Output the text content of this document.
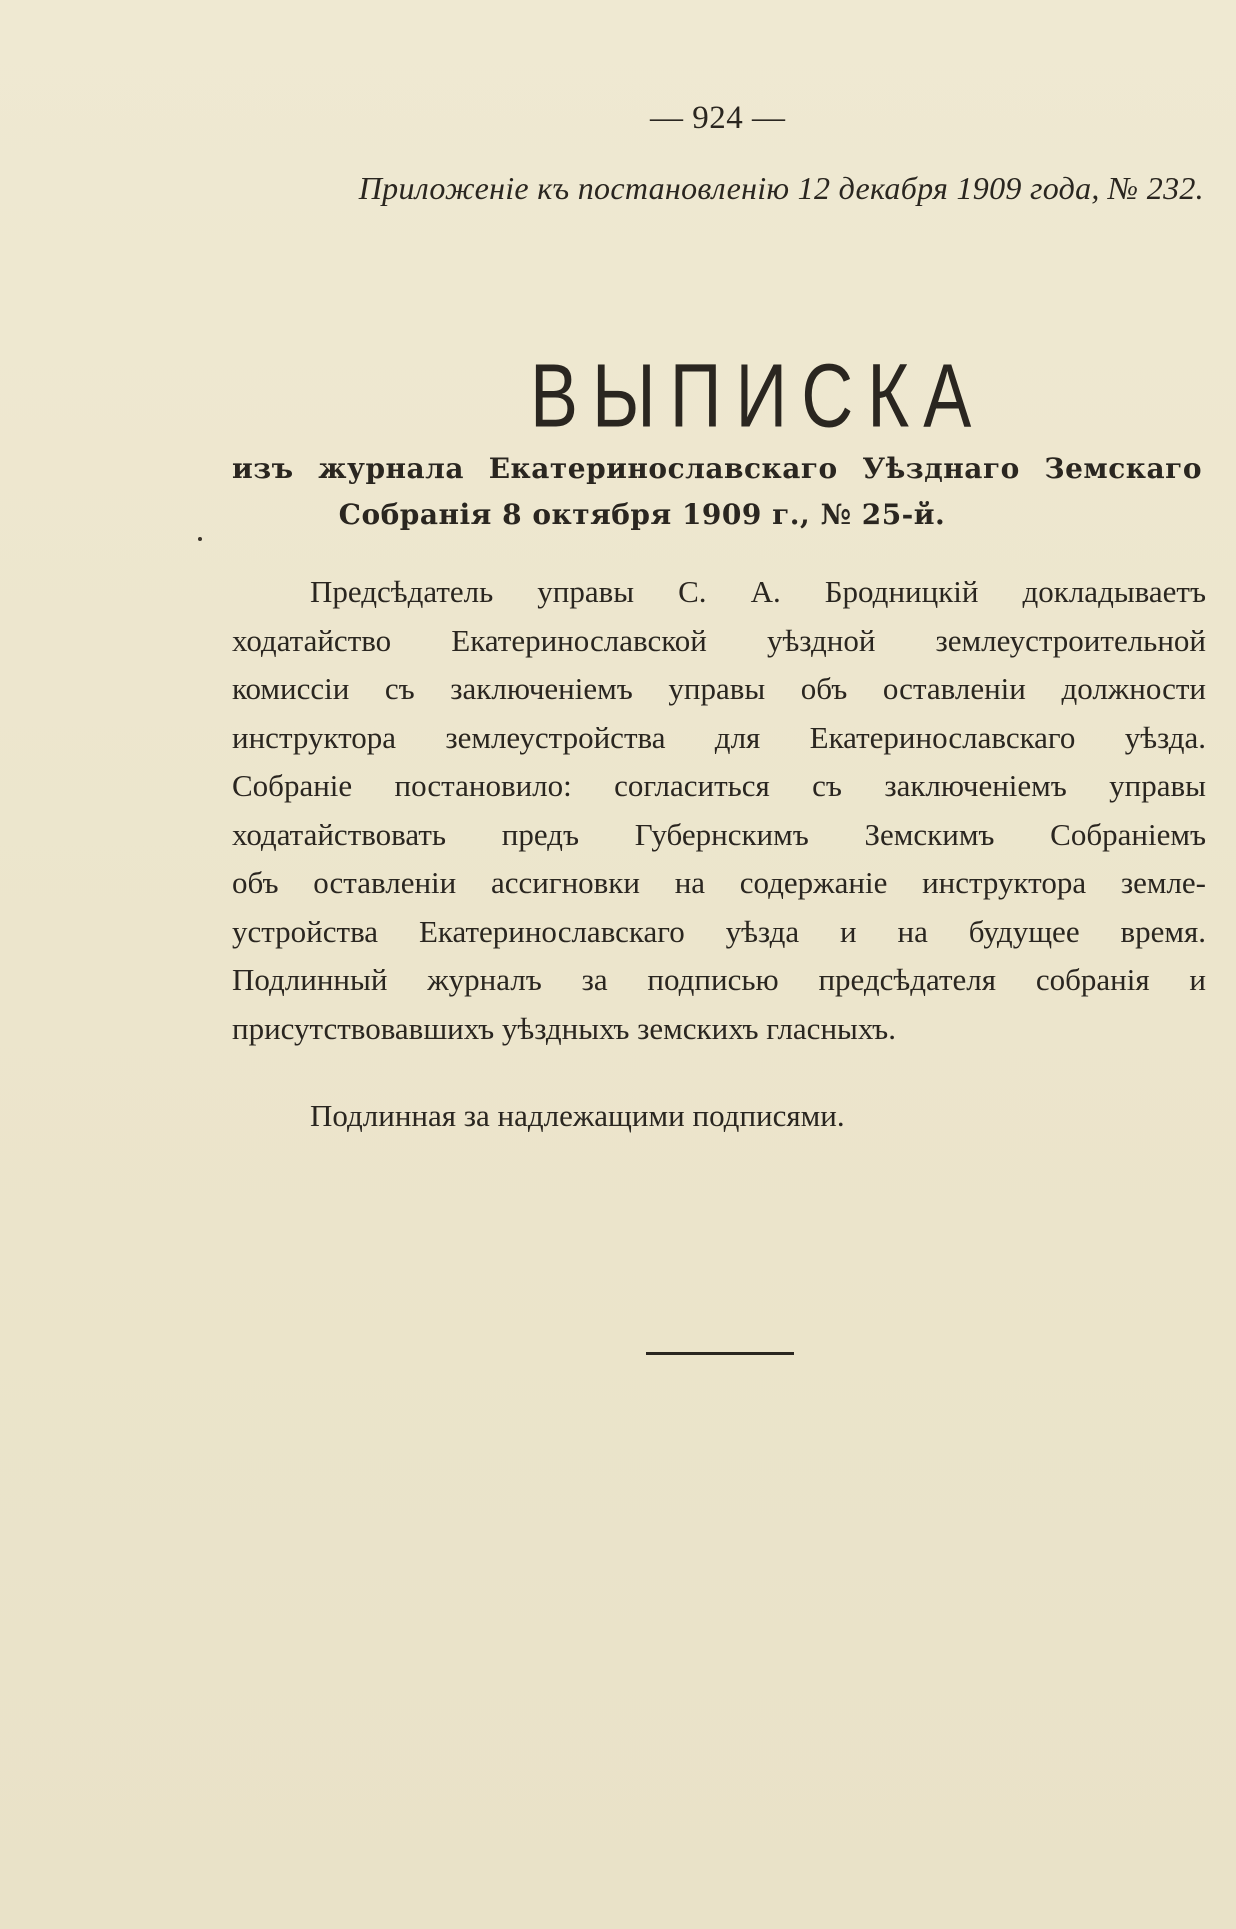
— 924 —
Приложеніе къ постановленію 12 декабря 1909 года, № 232.
ВЫПИСКА
изъ журнала Екатеринославскаго Уѣзднаго Земскаго
Собранія 8 октября 1909 г., № 25-й.
Предсѣдатель управы С. А. Бродницкій докладываетъ
ходатайство Екатеринославской уѣздной землеустроительной
комиссіи съ заключеніемъ управы объ оставленіи должности
инструктора землеустройства для Екатеринославскаго уѣзда.
Собраніе постановило: согласиться съ заключеніемъ управы
ходатайствовать предъ Губернскимъ Земскимъ Собраніемъ
объ оставленіи ассигновки на содержаніе инструктора земле-
устройства Екатеринославскаго уѣзда и на будущее время.
Подлинный журналъ за подписью предсѣдателя собранія и
присутствовавшихъ уѣздныхъ земскихъ гласныхъ.
Подлинная за надлежащими подписями.
